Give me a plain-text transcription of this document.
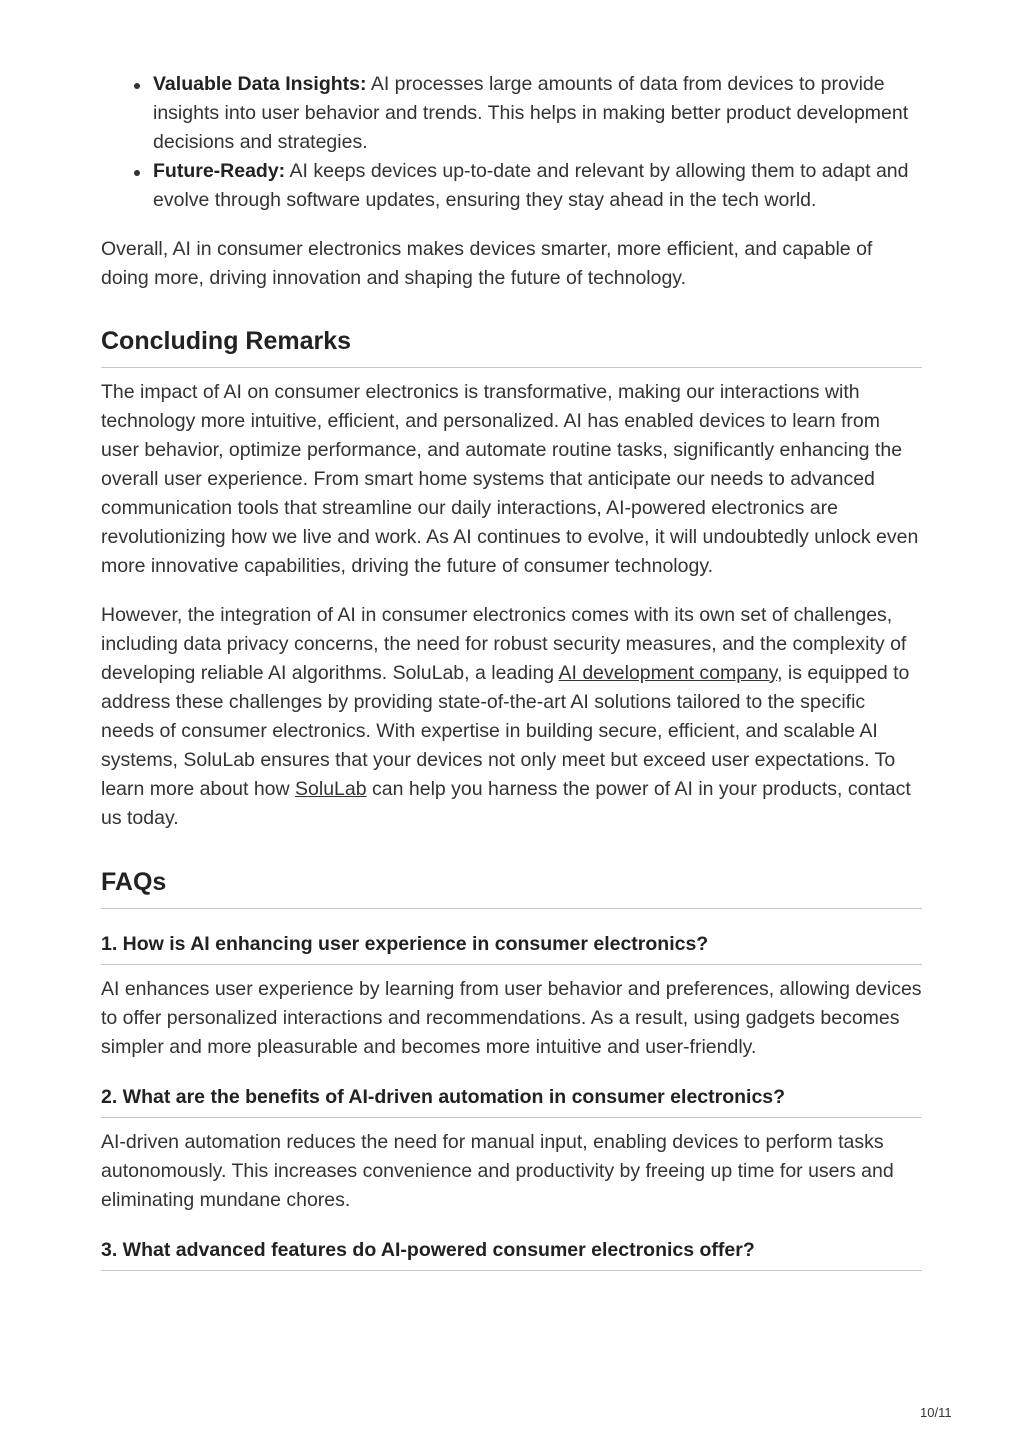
Valuable Data Insights: AI processes large amounts of data from devices to provide insights into user behavior and trends. This helps in making better product development decisions and strategies.
Future-Ready: AI keeps devices up-to-date and relevant by allowing them to adapt and evolve through software updates, ensuring they stay ahead in the tech world.

Overall, AI in consumer electronics makes devices smarter, more efficient, and capable of doing more, driving innovation and shaping the future of technology.

Concluding Remarks

The impact of AI on consumer electronics is transformative, making our interactions with technology more intuitive, efficient, and personalized. AI has enabled devices to learn from user behavior, optimize performance, and automate routine tasks, significantly enhancing the overall user experience. From smart home systems that anticipate our needs to advanced communication tools that streamline our daily interactions, AI-powered electronics are revolutionizing how we live and work. As AI continues to evolve, it will undoubtedly unlock even more innovative capabilities, driving the future of consumer technology.

However, the integration of AI in consumer electronics comes with its own set of challenges, including data privacy concerns, the need for robust security measures, and the complexity of developing reliable AI algorithms. SoluLab, a leading AI development company, is equipped to address these challenges by providing state-of-the-art AI solutions tailored to the specific needs of consumer electronics. With expertise in building secure, efficient, and scalable AI systems, SoluLab ensures that your devices not only meet but exceed user expectations. To learn more about how SoluLab can help you harness the power of AI in your products, contact us today.

FAQs
1. How is AI enhancing user experience in consumer electronics?

AI enhances user experience by learning from user behavior and preferences, allowing devices to offer personalized interactions and recommendations. As a result, using gadgets becomes simpler and more pleasurable and becomes more intuitive and user-friendly.

2. What are the benefits of AI-driven automation in consumer electronics?

AI-driven automation reduces the need for manual input, enabling devices to perform tasks autonomously. This increases convenience and productivity by freeing up time for users and eliminating mundane chores.

3. What advanced features do AI-powered consumer electronics offer?
10/11
